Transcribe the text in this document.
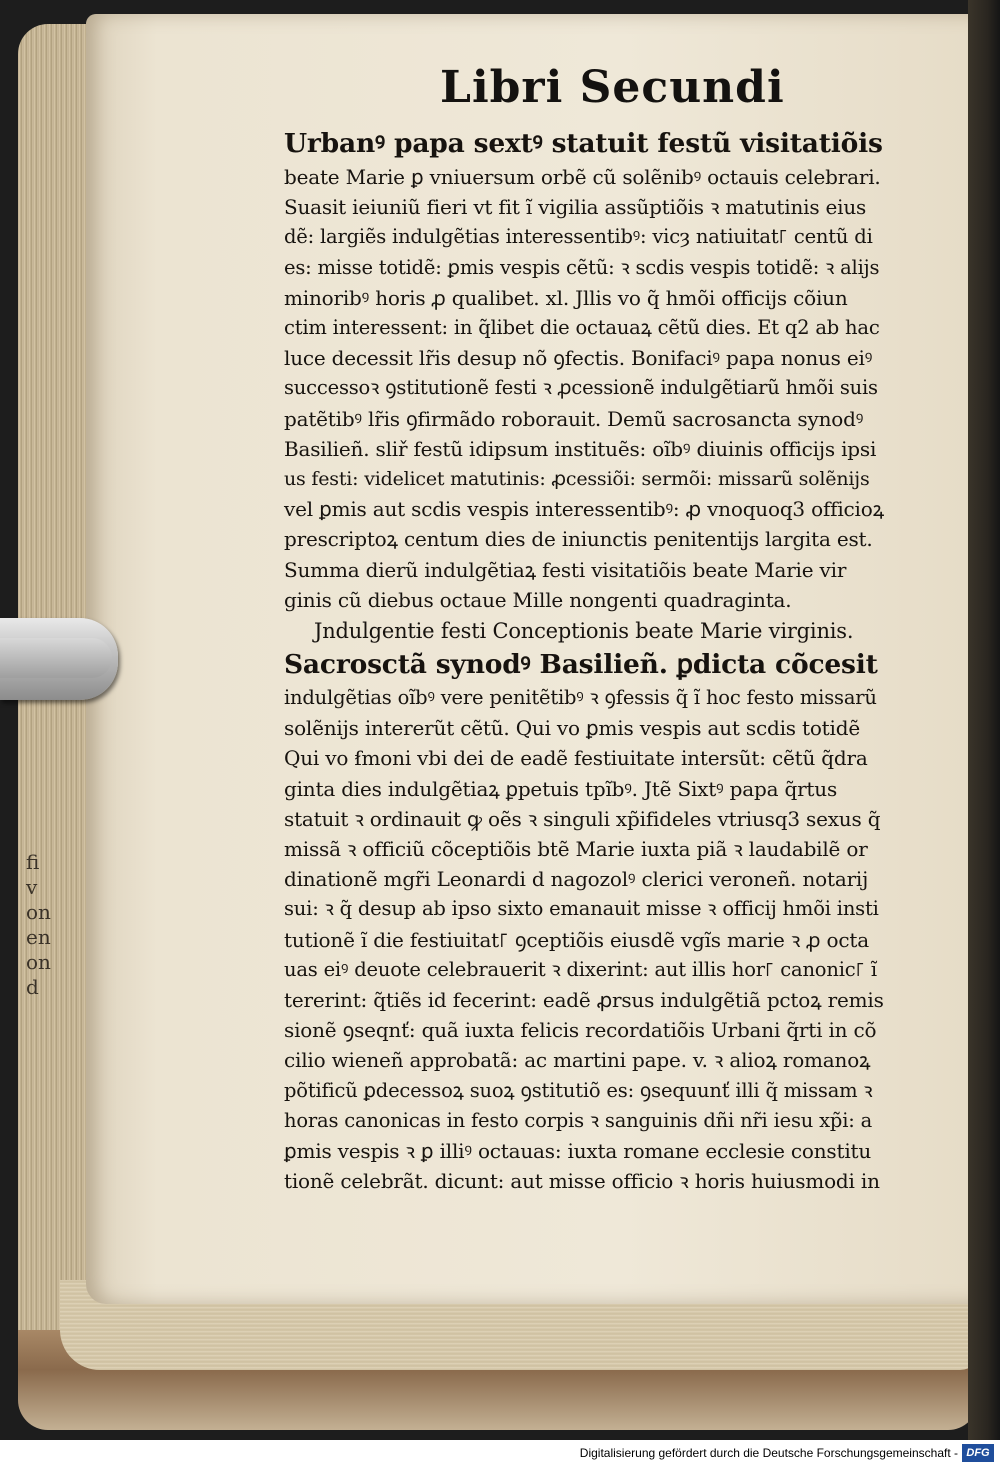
fi
v
on
en
on
d
Libri Secundi
Urbanꝰ papa sextꝰ statuit festũ visitatiõis
beate Marie ꝑ vniuersum orbẽ cũ solẽnibꝰ octauis celebrari.
Suasit ieiuniũ fieri vt fit ĩ vigilia assũptiõis ꝛ matutinis eius
dẽ: largiẽs indulgẽtias interessentibꝰ: vicȝ natiuitat꜒ centũ di
es: misse totidẽ: ꝑmis vespis cẽtũ: ꝛ scdis vespis totidẽ: ꝛ alijs
minoribꝰ horis ꝓ qualibet. xl. Jllis vo q̃ hmõi officijs cõiun
ctim interessent: in q̃libet die octauaꝝ cẽtũ dies. Et q2 ab hac
luce decessit lr̃is desup nõ ꝯfectis. Bonifaciꝰ papa nonus eiꝰ
successoꝛ ꝯstitutionẽ festi ꝛ ꝓcessionẽ indulgẽtiarũ hmõi suis
patẽtibꝰ lr̃is ꝯfirmãdo roborauit. Demũ sacrosancta synodꝰ
Basilieñ. sliř festũ idipsum instituẽs: oĩbꝰ diuinis officijs ipsi
us festi: videlicet matutinis: ꝓcessiõi: sermõi: missarũ solẽnijs
vel ꝑmis aut scdis vespis interessentibꝰ: ꝓ vnoquoq3 officioꝝ
prescriptoꝝ centum dies de iniunctis penitentijs largita est.
Summa dierũ indulgẽtiaꝝ festi visitatiõis beate Marie vir
ginis cũ diebus octaue Mille nongenti quadraginta.
Jndulgentie festi Conceptionis beate Marie virginis.
Sacrosctã synodꝰ Basilieñ. ꝑdicta cõcesit
indulgẽtias oĩbꝰ vere penitẽtibꝰ ꝛ ꝯfessis q̃ ĩ hoc festo missarũ
solẽnijs intererũt cẽtũ. Qui vo ꝑmis vespis aut scdis totidẽ
Qui vo ẜmoni vbi dei de eadẽ festiuitate intersũt: cẽtũ q̃dra
ginta dies indulgẽtiaꝝ ꝑpetuis tpĩbꝰ. Jtẽ Sixtꝰ papa q̃rtus
statuit ꝛ ordinauit ꝙ oẽs ꝛ singuli xp̃ifideles vtriusq3 sexus q̃
missã ꝛ officiũ cõceptiõis btẽ Marie iuxta piã ꝛ laudabilẽ or
dinationẽ mgr̃i Leonardi d nagozolꝰ clerici veroneñ. notarij
sui: ꝛ q̃ desup ab ipso sixto emanauit misse ꝛ officij hmõi insti
tutionẽ ĩ die festiuitat꜒ ꝯceptiõis eiusdẽ vgĩs marie ꝛ ꝓ octa
uas eiꝰ deuote celebrauerit ꝛ dixerint: aut illis hor꜒ canonic꜒ ĩ
tererint: q̃tiẽs id fecerint: eadẽ ꝓrsus indulgẽtiã pctoꝝ remis
sionẽ ꝯseqnť: quã iuxta felicis recordatiõis Urbani q̃rti in cõ
cilio wieneñ approbatã: ac martini pape. v. ꝛ alioꝝ romanoꝝ
põtificũ ꝑdecessoꝝ suoꝝ ꝯstitutiõ es: ꝯsequunť illi q̃ missam ꝛ
horas canonicas in festo corpis ꝛ sanguinis dñi nr̃i iesu xp̃i: a
ꝑmis vespis ꝛ ꝑ illiꝰ octauas: iuxta romane ecclesie constitu
tionẽ celebrãt. dicunt: aut misse officio ꝛ horis huiusmodi in
Digitalisierung gefördert durch die Deutsche Forschungsgemeinschaft - DFG
